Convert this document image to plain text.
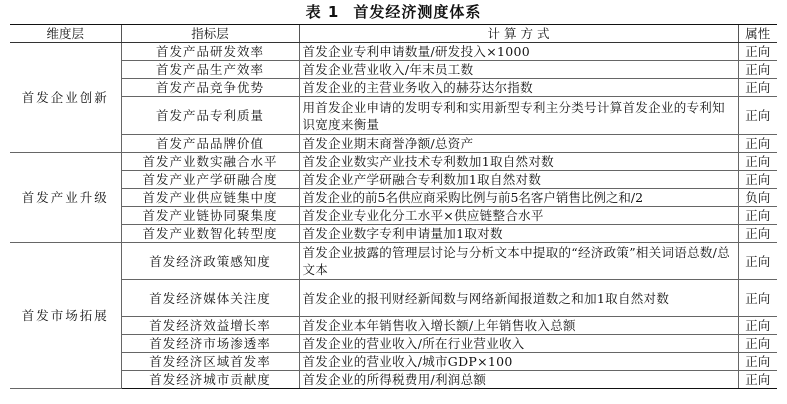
表 1 首发经济测度体系
维度层	指标层	计 算 方 式	属性
首发企业创新	首发产品研发效率	首发企业专利申请数量/研发投入×1000	正向
	首发产品生产效率	首发企业营业收入/年末员工数	正向
	首发产品竞争优势	首发企业的主营业务收入的赫芬达尔指数	正向
	首发产品专利质量	用首发企业申请的发明专利和实用新型专利主分类号计算首发企业的专利知识宽度来衡量	正向
	首发产品品牌价值	首发企业期末商誉净额/总资产	正向
首发产业升级	首发产业数实融合水平	首发企业数实产业技术专利数加1取自然对数	正向
	首发产业产学研融合度	首发企业产学研融合专利数加1取自然对数	正向
	首发产业供应链集中度	首发企业的前5名供应商采购比例与前5名客户销售比例之和/2	负向
	首发产业链协同聚集度	首发企业专业化分工水平×供应链整合水平	正向
	首发产业数智化转型度	首发企业数字专利申请量加1取对数	正向
首发市场拓展	首发经济政策感知度	首发企业披露的管理层讨论与分析文本中提取的“经济政策”相关词语总数/总文本	正向
	首发经济媒体关注度	首发企业的报刊财经新闻数与网络新闻报道数之和加1取自然对数	正向
	首发经济效益增长率	首发企业本年销售收入增长额/上年销售收入总额	正向
	首发经济市场渗透率	首发企业的营业收入/所在行业营业收入	正向
	首发经济区域首发率	首发企业的营业收入/城市GDP×100	正向
	首发经济城市贡献度	首发企业的所得税费用/利润总额	正向
